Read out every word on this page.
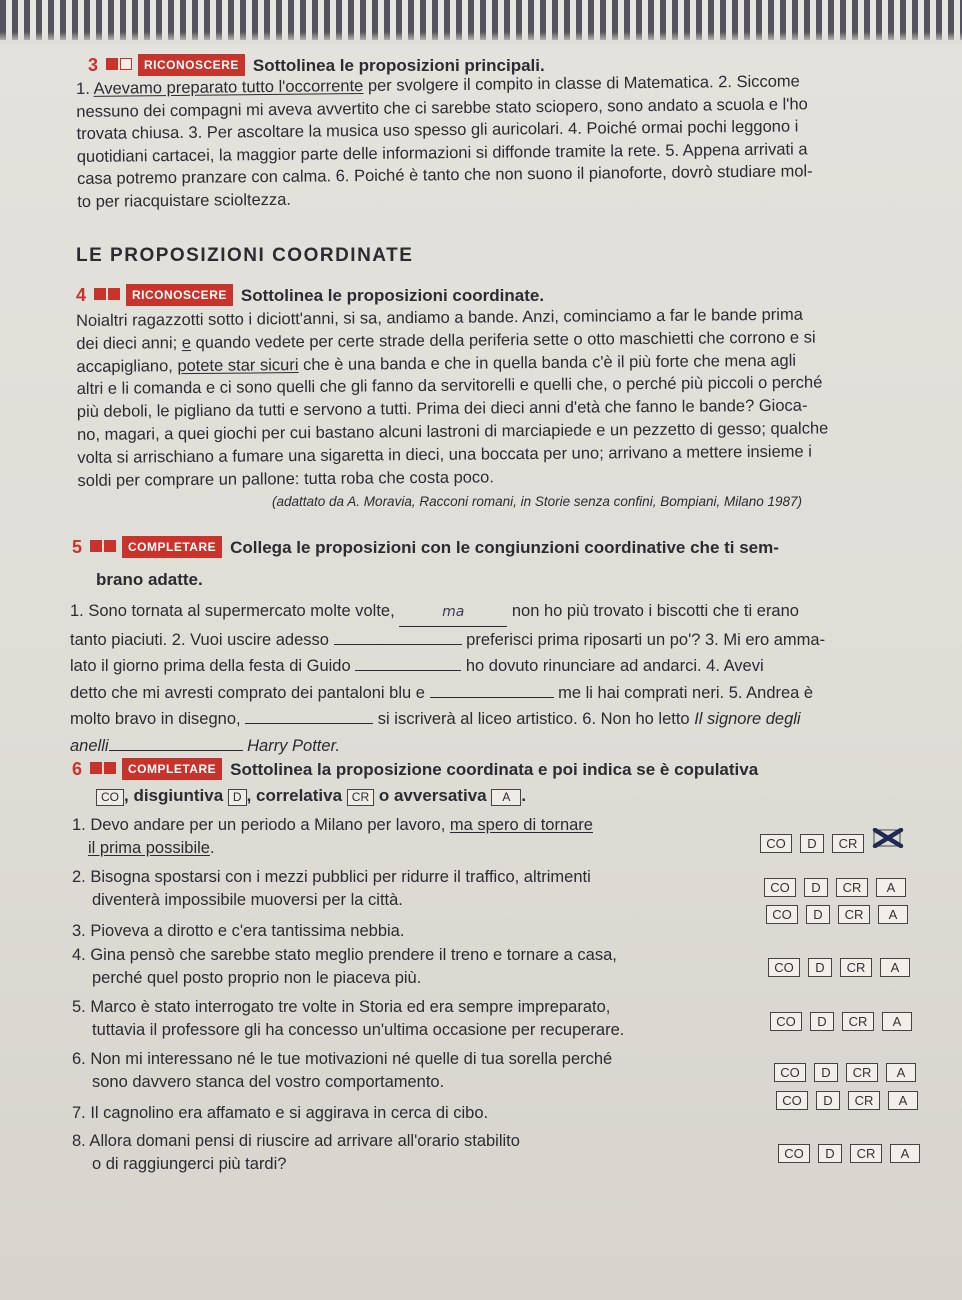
3	RICONOSCERE Sottolinea le proposizioni principali.
1. Avevamo preparato tutto l'occorrente per svolgere il compito in classe di Matematica. 2. Siccome
nessuno dei compagni mi aveva avvertito che ci sarebbe stato sciopero, sono andato a scuola e l'ho
trovata chiusa. 3. Per ascoltare la musica uso spesso gli auricolari. 4. Poiché ormai pochi leggono i
quotidiani cartacei, la maggior parte delle informazioni si diffonde tramite la rete. 5. Appena arrivati a
casa potremo pranzare con calma. 6. Poiché è tanto che non suono il pianoforte, dovrò studiare mol-
to per riacquistare scioltezza.
LE PROPOSIZIONI COORDINATE
4	RICONOSCERE Sottolinea le proposizioni coordinate.
Noialtri ragazzotti sotto i diciott'anni, si sa, andiamo a bande. Anzi, cominciamo a far le bande prima
dei dieci anni; e quando vedete per certe strade della periferia sette o otto maschietti che corrono e si
accapigliano, potete star sicuri che è una banda e che in quella banda c'è il più forte che mena agli
altri e li comanda e ci sono quelli che gli fanno da servitorelli e quelli che, o perché più piccoli o perché
più deboli, le pigliano da tutti e servono a tutti. Prima dei dieci anni d'età che fanno le bande? Gioca-
no, magari, a quei giochi per cui bastano alcuni lastroni di marciapiede e un pezzetto di gesso; qualche
volta si arrischiano a fumare una sigaretta in dieci, una boccata per uno; arrivano a mettere insieme i
soldi per comprare un pallone: tutta roba che costa poco.
(adattato da A. Moravia, Racconi romani, in Storie senza confini, Bompiani, Milano 1987)
5	COMPLETARE Collega le proposizioni con le congiunzioni coordinative che ti sem-
brano adatte.
1. Sono tornata al supermercato molte volte,	ma	non ho più trovato i biscotti che ti erano
tanto piaciuti. 2. Vuoi uscire adesso	preferisci prima riposarti un po'? 3. Mi ero amma-
lato il giorno prima della festa di Guido	ho dovuto rinunciare ad andarci. 4. Avevi
detto che mi avresti comprato dei pantaloni blu e	me li hai comprati neri. 5. Andrea è
molto bravo in disegno,	si iscriverà al liceo artistico. 6. Non ho letto Il signore degli
anelli	Harry Potter.
6	COMPLETARE Sottolinea la proposizione coordinata e poi indica se è copulativa
CO , disgiuntiva D , correlativa CR o avversativa A .
1. Devo andare per un periodo a Milano per lavoro, ma spero di tornare
il prima possibile.	CO D CR
2. Bisogna spostarsi con i mezzi pubblici per ridurre il traffico, altrimenti
diventerà impossibile muoversi per la città.
CO D CR A
3. Pioveva a dirotto e c'era tantissima nebbia.
CO D CR A
4. Gina pensò che sarebbe stato meglio prendere il treno e tornare a casa,
perché quel posto proprio non le piaceva più.
CO D CR A
5. Marco è stato interrogato tre volte in Storia ed era sempre impreparato,
tuttavia il professore gli ha concesso un'ultima occasione per recuperare.	CO D CR A
6. Non mi interessano né le tue motivazioni né quelle di tua sorella perché
sono davvero stanca del vostro comportamento.	CO D CR A
7. Il cagnolino era affamato e si aggirava in cerca di cibo.
CO D CR A
8. Allora domani pensi di riuscire ad arrivare all'orario stabilito
o di raggiungerci più tardi?
CO D CR A
